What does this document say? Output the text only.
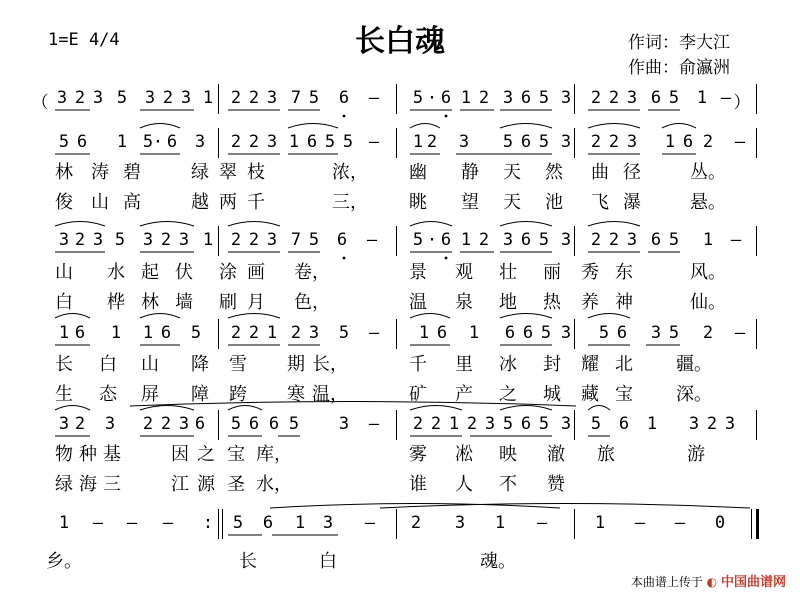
1=E 4/4	长白魂	作词：李大江
作曲：俞瀛洲
（ 3 2 3 5 3 2 3 1 2 2 3 7 5 6 — 5 · 6 1 2 3 6 5 3 2 2 3 6 5 1 — ）
5 6 1 5 · 6 3 2 2 3 1 6 5 5 — 1 2 3 5 6 5 3 2 2 3 1 6 2 —
3 2 3 5 3 2 3 1 2 2 3 7 5 6 — 5 · 6 1 2 3 6 5 3 2 2 3 6 5 1 —
1 6 1 1 6 5 2 2 1 2 3 5 — 1 6 1 6 6 5 3 5 6 3 5 2 —
3 2 3 2 2 3 6 5 6 6 5 3 — 2 2 1 2 3 5 6 5 3 5 6 1 3 2 3
1 — — — : 5 6 1 3 — 2 3 1 —	1 — — 0
林 涛 碧	绿 翠 枝	浓， 幽 静 天 然 曲 径	丛。
俊 山 高	越 两 千	三， 眺 望 天 池 飞 瀑	悬。
山 水 起 伏 涂 画 卷，	景 观 壮 丽 秀 东	风。
白 桦 林 墙 刷 月 色，	温 泉 地 热 养 神	仙。
长 白 山 降 雪 期 长，	千 里 冰 封 耀 北 疆。
生 态 屏 障 跨 寒 温，	矿 产 之 城 藏 宝 深。
物 种 基	因 之 宝 库，	雾 凇 映 澈 旅	游
绿 海 三	江 源 圣 水，	谁 人 不 赞
乡。	长	白	魂。
本曲谱上传于 ◐ 中国曲谱网
